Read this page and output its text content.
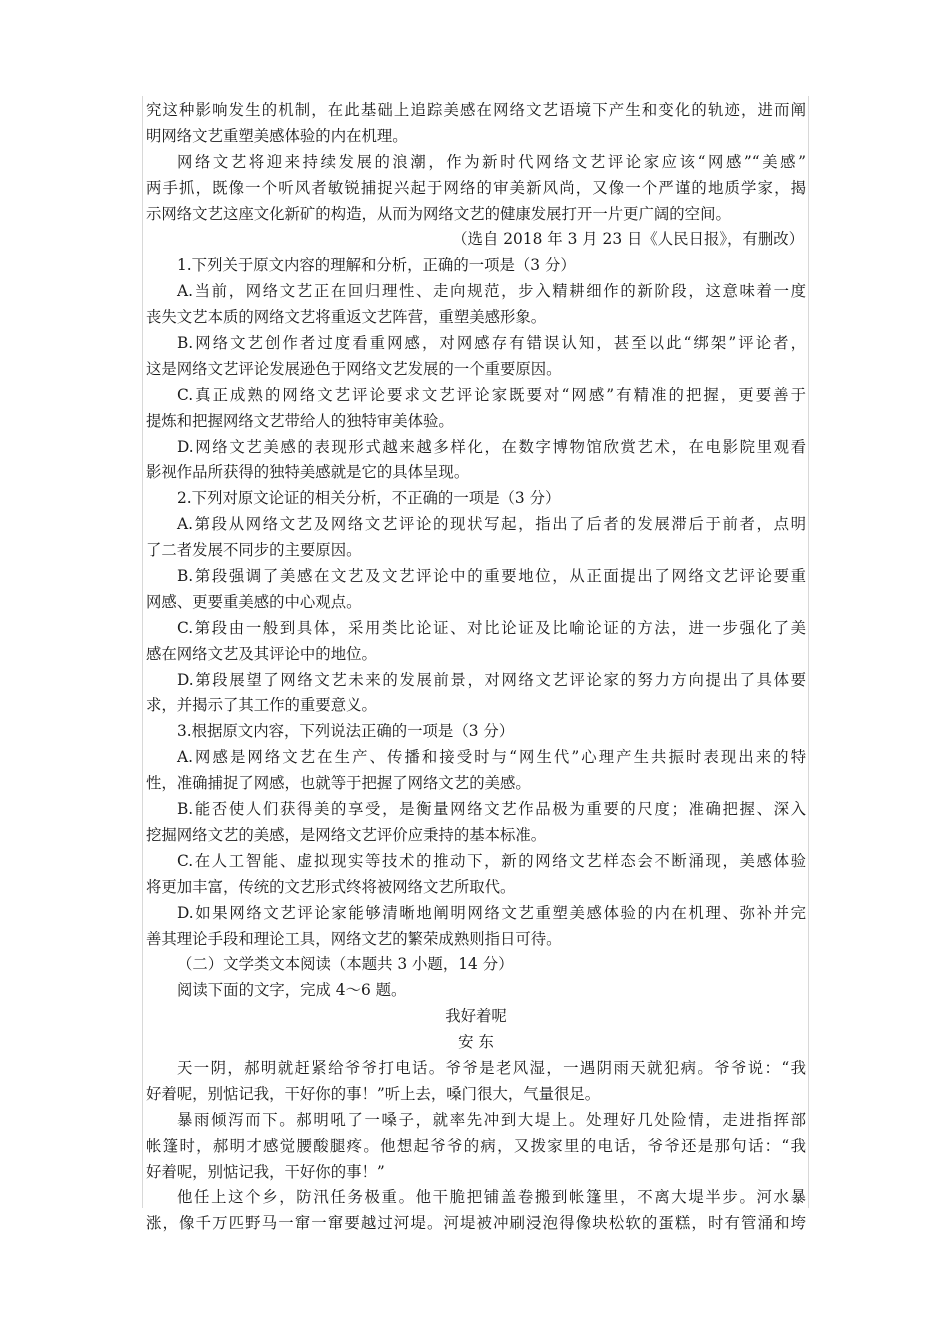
究这种影响发生的机制，在此基础上追踪美感在网络文艺语境下产生和变化的轨迹，进而阐
明网络文艺重塑美感体验的内在机理。
网络文艺将迎来持续发展的浪潮，作为新时代网络文艺评论家应该“网感”“美感”
两手抓，既像一个听风者敏锐捕捉兴起于网络的审美新风尚，又像一个严谨的地质学家，揭
示网络文艺这座文化新矿的构造，从而为网络文艺的健康发展打开一片更广阔的空间。
（选自 2018 年 3 月 23 日《人民日报》，有删改）
1.下列关于原文内容的理解和分析，正确的一项是（3 分）
A.当前，网络文艺正在回归理性、走向规范，步入精耕细作的新阶段，这意味着一度
丧失文艺本质的网络文艺将重返文艺阵营，重塑美感形象。
B.网络文艺创作者过度看重网感，对网感存有错误认知，甚至以此“绑架”评论者，
这是网络文艺评论发展逊色于网络文艺发展的一个重要原因。
C.真正成熟的网络文艺评论要求文艺评论家既要对“网感”有精准的把握，更要善于
提炼和把握网络文艺带给人的独特审美体验。
D.网络文艺美感的表现形式越来越多样化，在数字博物馆欣赏艺术，在电影院里观看
影视作品所获得的独特美感就是它的具体呈现。
2.下列对原文论证的相关分析，不正确的一项是（3 分）
A.第段从网络文艺及网络文艺评论的现状写起，指出了后者的发展滞后于前者，点明
了二者发展不同步的主要原因。
B.第段强调了美感在文艺及文艺评论中的重要地位，从正面提出了网络文艺评论要重
网感、更要重美感的中心观点。
C.第段由一般到具体，采用类比论证、对比论证及比喻论证的方法，进一步强化了美
感在网络文艺及其评论中的地位。
D.第段展望了网络文艺未来的发展前景，对网络文艺评论家的努力方向提出了具体要
求，并揭示了其工作的重要意义。
3.根据原文内容，下列说法正确的一项是（3 分）
A.网感是网络文艺在生产、传播和接受时与“网生代”心理产生共振时表现出来的特
性，准确捕捉了网感，也就等于把握了网络文艺的美感。
B.能否使人们获得美的享受，是衡量网络文艺作品极为重要的尺度；准确把握、深入
挖掘网络文艺的美感，是网络文艺评价应秉持的基本标准。
C.在人工智能、虚拟现实等技术的推动下，新的网络文艺样态会不断涌现，美感体验
将更加丰富，传统的文艺形式终将被网络文艺所取代。
D.如果网络文艺评论家能够清晰地阐明网络文艺重塑美感体验的内在机理、弥补并完
善其理论手段和理论工具，网络文艺的繁荣成熟则指日可待。
（二）文学类文本阅读（本题共 3 小题，14 分）
阅读下面的文字，完成 4～6 题。
我好着呢
安 东
天一阴，郝明就赶紧给爷爷打电话。爷爷是老风湿，一遇阴雨天就犯病。爷爷说：“我
好着呢，别惦记我，干好你的事！”听上去，嗓门很大，气量很足。
暴雨倾泻而下。郝明吼了一嗓子，就率先冲到大堤上。处理好几处险情，走进指挥部
帐篷时，郝明才感觉腰酸腿疼。他想起爷爷的病，又拨家里的电话，爷爷还是那句话：“我
好着呢，别惦记我，干好你的事！”
他任上这个乡，防汛任务极重。他干脆把铺盖卷搬到帐篷里，不离大堤半步。河水暴
涨，像千万匹野马一窜一窜要越过河堤。河堤被冲刷浸泡得像块松软的蛋糕，时有管涌和垮
